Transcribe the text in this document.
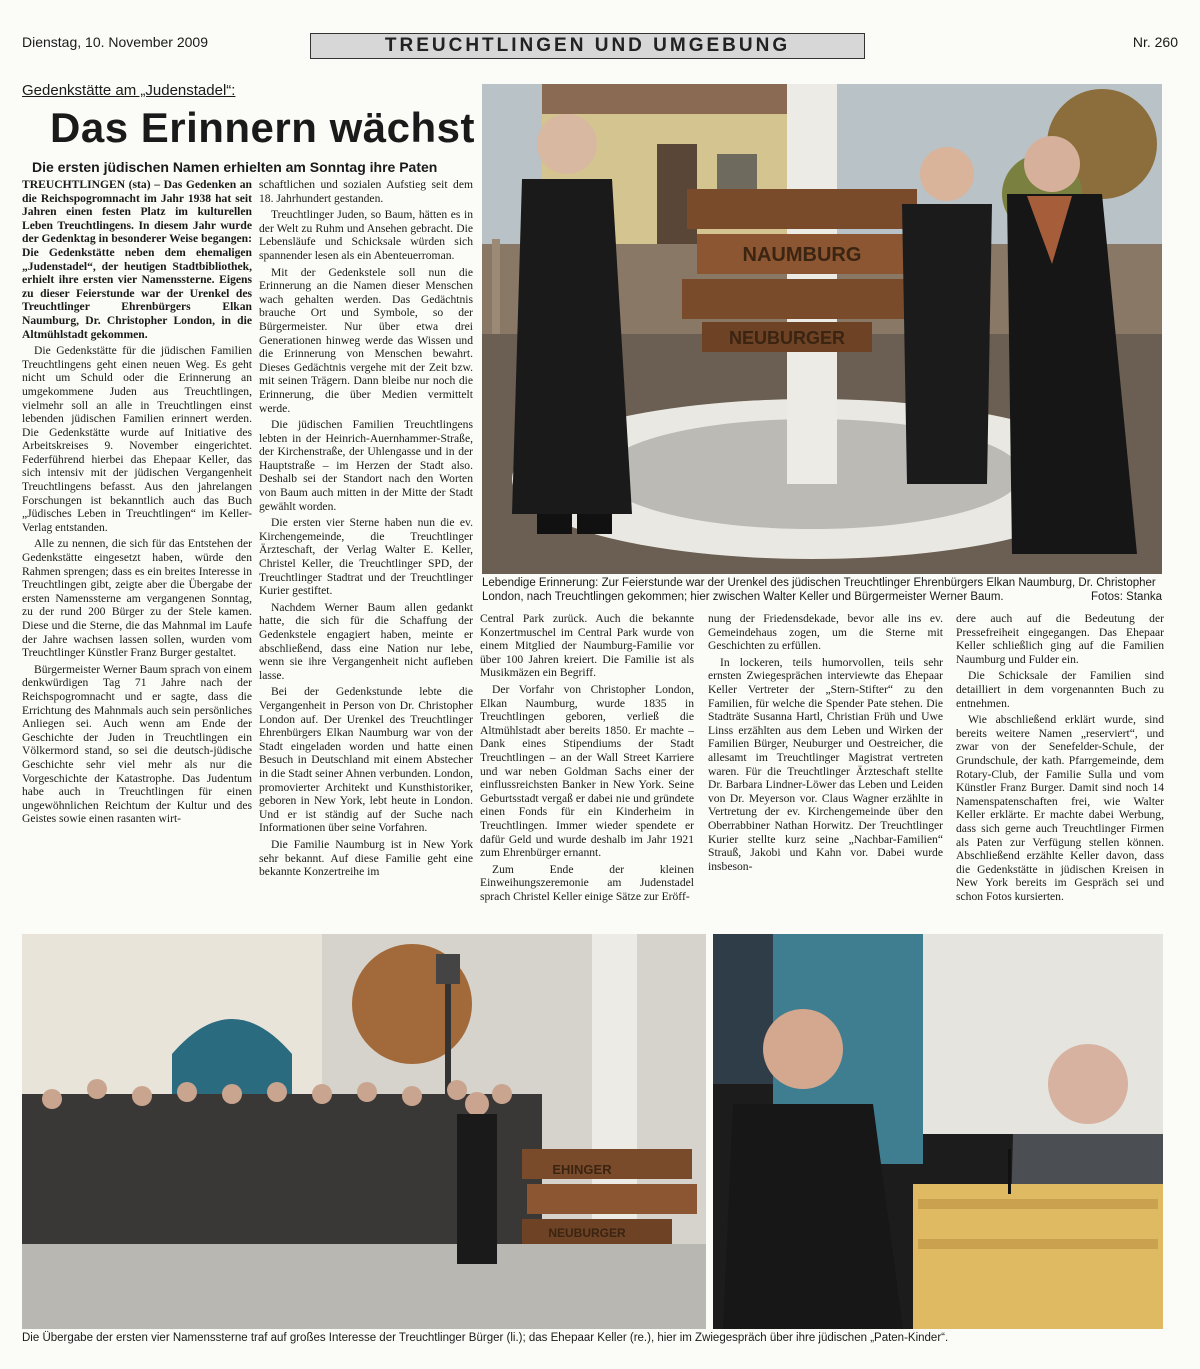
Dienstag, 10. November 2009	TREUCHTLINGEN UND UMGEBUNG	Nr. 260
Gedenkstätte am „Judenstadel“:
Das Erinnern wächst
Die ersten jüdischen Namen erhielten am Sonntag ihre Paten

TREUCHTLINGEN (sta) – Das Gedenken an die Reichspogromnacht im Jahr 1938 hat seit Jahren einen festen Platz im kulturellen Leben Treuchtlingens. In diesem Jahr wurde der Gedenktag in besonderer Weise begangen: Die Gedenkstätte neben dem ehemaligen „Judenstadel“, der heutigen Stadtbibliothek, erhielt ihre ersten vier Namenssterne. Eigens zu dieser Feierstunde war der Urenkel des Treuchtlinger Ehrenbürgers Elkan Naumburg, Dr. Christopher London, in die Altmühlstadt gekommen.

Die Gedenkstätte für die jüdischen Familien Treuchtlingens geht einen neuen Weg. Es geht nicht um Schuld oder die Erinnerung an umgekommene Juden aus Treuchtlingen, vielmehr soll an alle in Treuchtlingen einst lebenden jüdischen Familien erinnert werden. Die Gedenkstätte wurde auf Initiative des Arbeitskreises 9. November eingerichtet. Federführend hierbei das Ehepaar Keller, das sich intensiv mit der jüdischen Vergangenheit Treuchtlingens befasst. Aus den jahrelangen Forschungen ist bekanntlich auch das Buch „Jüdisches Leben in Treuchtlingen“ im Keller-Verlag entstanden.

Alle zu nennen, die sich für das Entstehen der Gedenkstätte eingesetzt haben, würde den Rahmen sprengen; dass es ein breites Interesse in Treuchtlingen gibt, zeigte aber die Übergabe der ersten Namenssterne am vergangenen Sonntag, zu der rund 200 Bürger zu der Stele kamen. Diese und die Sterne, die das Mahnmal im Laufe der Jahre wachsen lassen sollen, wurden vom Treuchtlinger Künstler Franz Burger gestaltet.

Bürgermeister Werner Baum sprach von einem denkwürdigen Tag 71 Jahre nach der Reichspogromnacht und er sagte, dass die Errichtung des Mahnmals auch sein persönliches Anliegen sei. Auch wenn am Ende der Geschichte der Juden in Treuchtlingen ein Völkermord stand, so sei die deutsch-jüdische Geschichte sehr viel mehr als nur die Vorgeschichte der Katastrophe. Das Judentum habe auch in Treuchtlingen für einen ungewöhnlichen Reichtum der Kultur und des Geistes sowie einen rasanten wirt-

schaftlichen und sozialen Aufstieg seit dem 18. Jahrhundert gestanden.

Treuchtlinger Juden, so Baum, hätten es in der Welt zu Ruhm und Ansehen gebracht. Die Lebensläufe und Schicksale würden sich spannender lesen als ein Abenteuerroman.

Mit der Gedenkstele soll nun die Erinnerung an die Namen dieser Menschen wach gehalten werden. Das Gedächtnis brauche Ort und Symbole, so der Bürgermeister. Nur über etwa drei Generationen hinweg werde das Wissen und die Erinnerung von Menschen bewahrt. Dieses Gedächtnis vergehe mit der Zeit bzw. mit seinen Trägern. Dann bleibe nur noch die Erinnerung, die über Medien vermittelt werde.

Die jüdischen Familien Treuchtlingens lebten in der Heinrich-Auernhammer-Straße, der Kirchenstraße, der Uhlengasse und in der Hauptstraße – im Herzen der Stadt also. Deshalb sei der Standort nach den Worten von Baum auch mitten in der Mitte der Stadt gewählt worden.

Die ersten vier Sterne haben nun die ev. Kirchengemeinde, die Treuchtlinger Ärzteschaft, der Verlag Walter E. Keller, Christel Keller, die Treuchtlinger SPD, der Treuchtlinger Stadtrat und der Treuchtlinger Kurier gestiftet.

Nachdem Werner Baum allen gedankt hatte, die sich für die Schaffung der Gedenkstele engagiert haben, meinte er abschließend, dass eine Nation nur lebe, wenn sie ihre Vergangenheit nicht aufleben lasse.

Bei der Gedenkstunde lebte die Vergangenheit in Person von Dr. Christopher London auf. Der Urenkel des Treuchtlinger Ehrenbürgers Elkan Naumburg war von der Stadt eingeladen worden und hatte einen Besuch in Deutschland mit einem Abstecher in die Stadt seiner Ahnen verbunden. London, promovierter Architekt und Kunsthistoriker, geboren in New York, lebt heute in London. Und er ist ständig auf der Suche nach Informationen über seine Vorfahren.

Die Familie Naumburg ist in New York sehr bekannt. Auf diese Familie geht eine bekannte Konzertreihe im

Central Park zurück. Auch die bekannte Konzertmuschel im Central Park wurde von einem Mitglied der Naumburg-Familie vor über 100 Jahren kreiert. Die Familie ist als Musikmäzen ein Begriff.

Der Vorfahr von Christopher London, Elkan Naumburg, wurde 1835 in Treuchtlingen geboren, verließ die Altmühlstadt aber bereits 1850. Er machte – Dank eines Stipendiums der Stadt Treuchtlingen – an der Wall Street Karriere und war neben Goldman Sachs einer der einflussreichsten Banker in New York. Seine Geburtsstadt vergaß er dabei nie und gründete einen Fonds für ein Kinderheim in Treuchtlingen. Immer wieder spendete er dafür Geld und wurde deshalb im Jahr 1921 zum Ehrenbürger ernannt.

Zum Ende der kleinen Einweihungszeremonie am Judenstadel sprach Christel Keller einige Sätze zur Eröff-

nung der Friedensdekade, bevor alle ins ev. Gemeindehaus zogen, um die Sterne mit Geschichten zu erfüllen.

In lockeren, teils humorvollen, teils sehr ernsten Zwiegesprächen interviewte das Ehepaar Keller Vertreter der „Stern-Stifter“ zu den Familien, für welche die Spender Pate stehen. Die Stadträte Susanna Hartl, Christian Früh und Uwe Linss erzählten aus dem Leben und Wirken der Familien Bürger, Neuburger und Oestreicher, die allesamt im Treuchtlinger Magistrat vertreten waren. Für die Treuchtlinger Ärzteschaft stellte Dr. Barbara Lindner-Löwer das Leben und Leiden von Dr. Meyerson vor. Claus Wagner erzählte in Vertretung der ev. Kirchengemeinde über den Oberrabbiner Nathan Horwitz. Der Treuchtlinger Kurier stellte kurz seine „Nachbar-Familien“ Strauß, Jakobi und Kahn vor. Dabei wurde insbeson-

dere auch auf die Bedeutung der Pressefreiheit eingegangen. Das Ehepaar Keller schließlich ging auf die Familien Naumburg und Fulder ein.

Die Schicksale der Familien sind detailliert in dem vorgenannten Buch zu entnehmen.

Wie abschließend erklärt wurde, sind bereits weitere Namen „reserviert“, und zwar von der Senefelder-Schule, der Grundschule, der kath. Pfarrgemeinde, dem Rotary-Club, der Familie Sulla und vom Künstler Franz Burger. Damit sind noch 14 Namenspatenschaften frei, wie Walter Keller erklärte. Er machte dabei Werbung, dass sich gerne auch Treuchtlinger Firmen als Paten zur Verfügung stellen können. Abschließend erzählte Keller davon, dass die Gedenkstätte in jüdischen Kreisen in New York bereits im Gespräch sei und schon Fotos kursierten.

NAUMBURG
NEUBURGER
Lebendige Erinnerung: Zur Feierstunde war der Urenkel des jüdischen Treuchtlinger Ehrenbürgers Elkan Naumburg, Dr. Christopher London, nach Treuchtlingen gekommen; hier zwischen Walter Keller und Bürgermeister Werner Baum.	Fotos: Stanka
EHINGER
NEUBURGER
Die Übergabe der ersten vier Namenssterne traf auf großes Interesse der Treuchtlinger Bürger (li.); das Ehepaar Keller (re.), hier im Zwiegespräch über ihre jüdischen „Paten-Kinder“.
